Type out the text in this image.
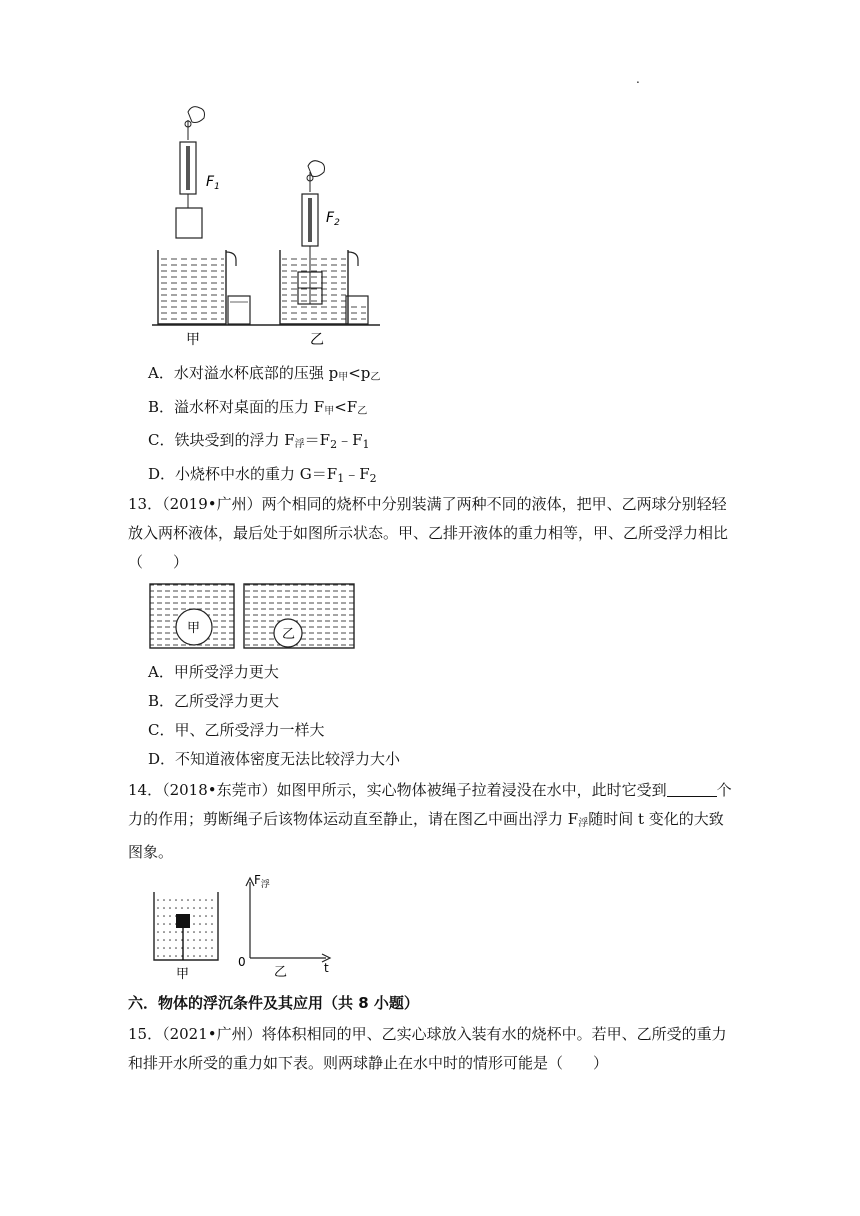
.
$F_1$
$F_2$
甲	乙
A．水对溢水杯底部的压强 $p_甲<p_乙$
B．溢水杯对桌面的压力 $F_甲<F_乙$
C．铁块受到的浮力 $F_浮=F_2﹣F_1$
D．小烧杯中水的重力 $G=F_1﹣F_2$
13．（2019•广州）两个相同的烧杯中分别装满了两种不同的液体，把甲、乙两球分别轻轻放入两杯液体，最后处于如图所示状态。甲、乙排开液体的重力相等，甲、乙所受浮力相比（　　）
甲	乙
A．甲所受浮力更大
B．乙所受浮力更大
C．甲、乙所受浮力一样大
D．不知道液体密度无法比较浮力大小
14．（2018•东莞市）如图甲所示，实心物体被绳子拉着浸没在水中，此时它受到	个力的作用；剪断绳子后该物体运动直至静止，请在图乙中画出浮力 $F_浮$随时间 t 变化的大致图象。
甲
$F_浮$
t
0
乙
六．物体的浮沉条件及其应用（共 8 小题）
15．（2021•广州）将体积相同的甲、乙实心球放入装有水的烧杯中。若甲、乙所受的重力和排开水所受的重力如下表。则两球静止在水中时的情形可能是（　　）
